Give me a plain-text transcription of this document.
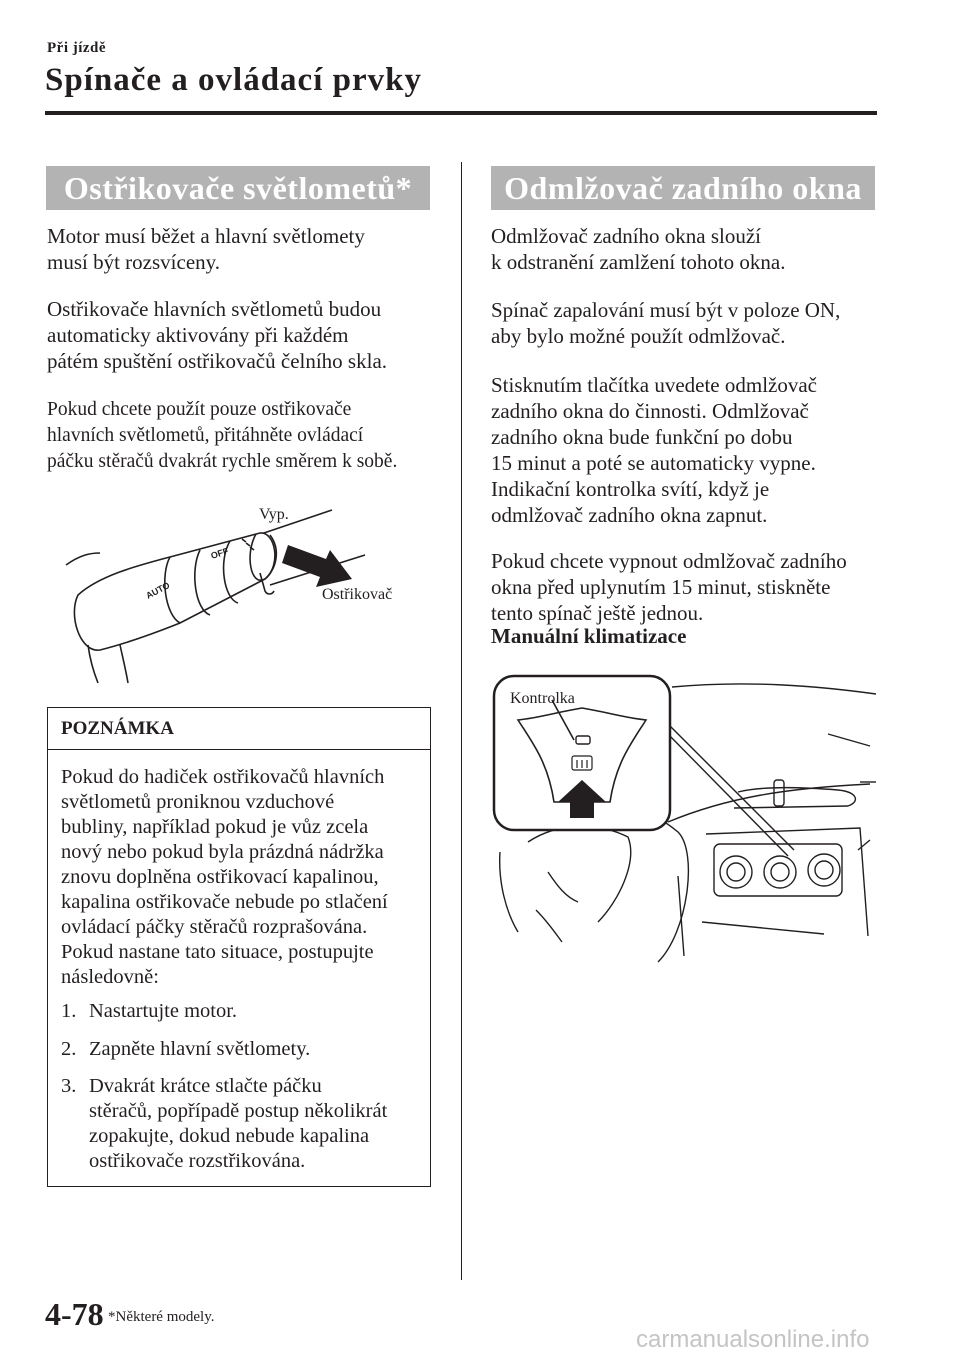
Při jízdě
Spínače a ovládací prvky
Ostřikovače světlometů*
Motor musí běžet a hlavní světlomety
musí být rozsvíceny.
Ostřikovače hlavních světlometů budou
automaticky aktivovány při každém
pátém spuštění ostřikovačů čelního skla.
Pokud chcete použít pouze ostřikovače
hlavních světlometů, přitáhněte ovládací
páčku stěračů dvakrát rychle směrem k sobě.
OFF
AUTO
Vyp.
Ostřikovač
POZNÁMKA
Pokud do hadiček ostřikovačů hlavních
světlometů proniknou vzduchové
bubliny, například pokud je vůz zcela
nový nebo pokud byla prázdná nádržka
znovu doplněna ostřikovací kapalinou,
kapalina ostřikovače nebude po stlačení
ovládací páčky stěračů rozprašována.
Pokud nastane tato situace, postupujte
následovně:
1. Nastartujte motor.
2. Zapněte hlavní světlomety.
3. Dvakrát krátce stlačte páčku
stěračů, popřípadě postup několikrát
zopakujte, dokud nebude kapalina
ostřikovače rozstřikována.
Odmlžovač zadního okna
Odmlžovač zadního okna slouží
k odstranění zamlžení tohoto okna.
Spínač zapalování musí být v poloze ON,
aby bylo možné použít odmlžovač.
Stisknutím tlačítka uvedete odmlžovač
zadního okna do činnosti. Odmlžovač
zadního okna bude funkční po dobu
15 minut a poté se automaticky vypne.
Indikační kontrolka svítí, když je
odmlžovač zadního okna zapnut.
Pokud chcete vypnout odmlžovač zadního
okna před uplynutím 15 minut, stiskněte
tento spínač ještě jednou.
Manuální klimatizace
Kontrolka
4-78 *Některé modely.
carmanualsonline.info
